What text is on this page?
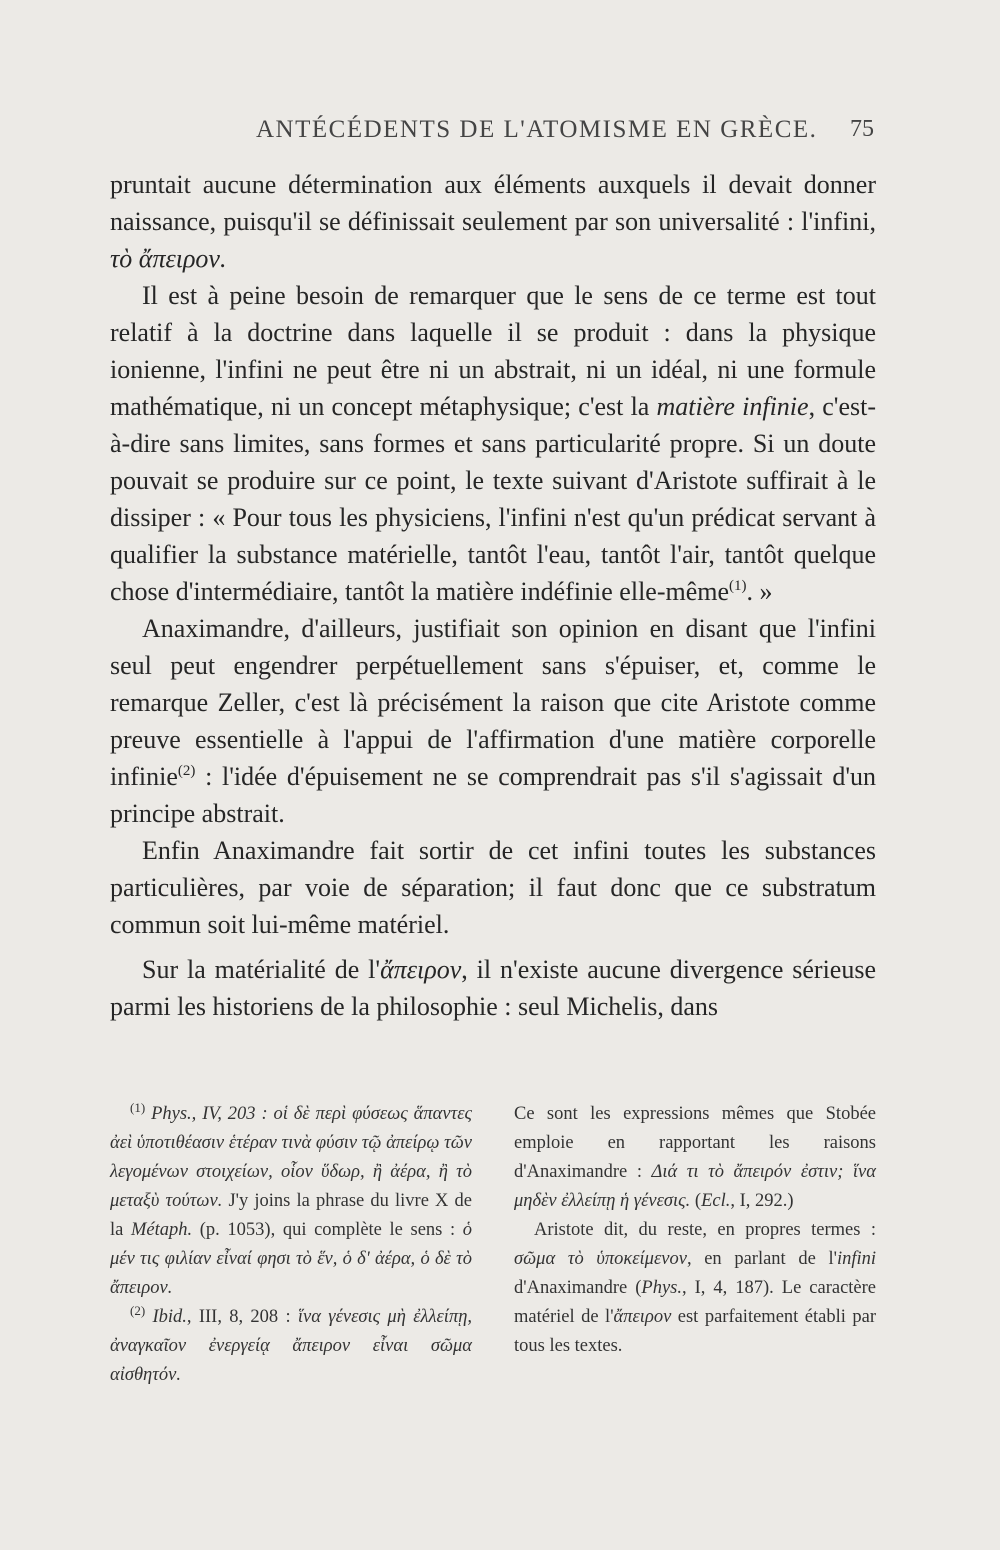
ANTÉCÉDENTS DE L'ATOMISME EN GRÈCE. 75

pruntait aucune détermination aux éléments auxquels il devait donner naissance, puisqu'il se définissait seulement par son universalité : l'infini, τὸ ἄπειρον.

Il est à peine besoin de remarquer que le sens de ce terme est tout relatif à la doctrine dans laquelle il se produit : dans la physique ionienne, l'infini ne peut être ni un abstrait, ni un idéal, ni une formule mathématique, ni un concept métaphysique; c'est la matière infinie, c'est-à-dire sans limites, sans formes et sans particularité propre. Si un doute pouvait se produire sur ce point, le texte suivant d'Aristote suffirait à le dissiper : « Pour tous les physiciens, l'infini n'est qu'un prédicat servant à qualifier la substance matérielle, tantôt l'eau, tantôt l'air, tantôt quelque chose d'intermédiaire, tantôt la matière indéfinie elle-même$^{(1)}$. »

Anaximandre, d'ailleurs, justifiait son opinion en disant que l'infini seul peut engendrer perpétuellement sans s'épuiser, et, comme le remarque Zeller, c'est là précisément la raison que cite Aristote comme preuve essentielle à l'appui de l'affirmation d'une matière corporelle infinie$^{(2)}$ : l'idée d'épuisement ne se comprendrait pas s'il s'agissait d'un principe abstrait.

Enfin Anaximandre fait sortir de cet infini toutes les substances particulières, par voie de séparation; il faut donc que ce substratum commun soit lui-même matériel.

Sur la matérialité de l'ἄπειρον, il n'existe aucune divergence sérieuse parmi les historiens de la philosophie : seul Michelis, dans

$^{(1)}$ Phys., IV, 203 : οἱ δὲ περὶ φύσεως ἅπαντες ἀεὶ ὑποτιθέασιν ἑτέραν τινὰ φύσιν τῷ ἀπείρῳ τῶν λεγομένων στοιχείων, οἷον ὕδωρ, ἢ ἀέρα, ἢ τὸ μεταξὺ τούτων. J'y joins la phrase du livre X de la Métaph. (p. 1053), qui complète le sens : ὁ μέν τις φιλίαν εἶναί φησι τὸ ἕν, ὁ δ' ἀέρα, ὁ δὲ τὸ ἄπειρον.

$^{(2)}$ Ibid., III, 8, 208 : ἵνα γένεσις μὴ ἐλλείπῃ, ἀναγκαῖον ἐνεργείᾳ ἄπειρον εἶναι σῶμα αἰσθητόν.

Ce sont les expressions mêmes que Stobée emploie en rapportant les raisons d'Anaximandre : Διά τι τὸ ἄπειρόν ἐστιν; ἵνα μηδὲν ἐλλείπῃ ἡ γένεσις. (Ecl., I, 292.)

Aristote dit, du reste, en propres termes : σῶμα τὸ ὑποκείμενον, en parlant de l'infini d'Anaximandre (Phys., I, 4, 187). Le caractère matériel de l'ἄπειρον est parfaitement établi par tous les textes.
